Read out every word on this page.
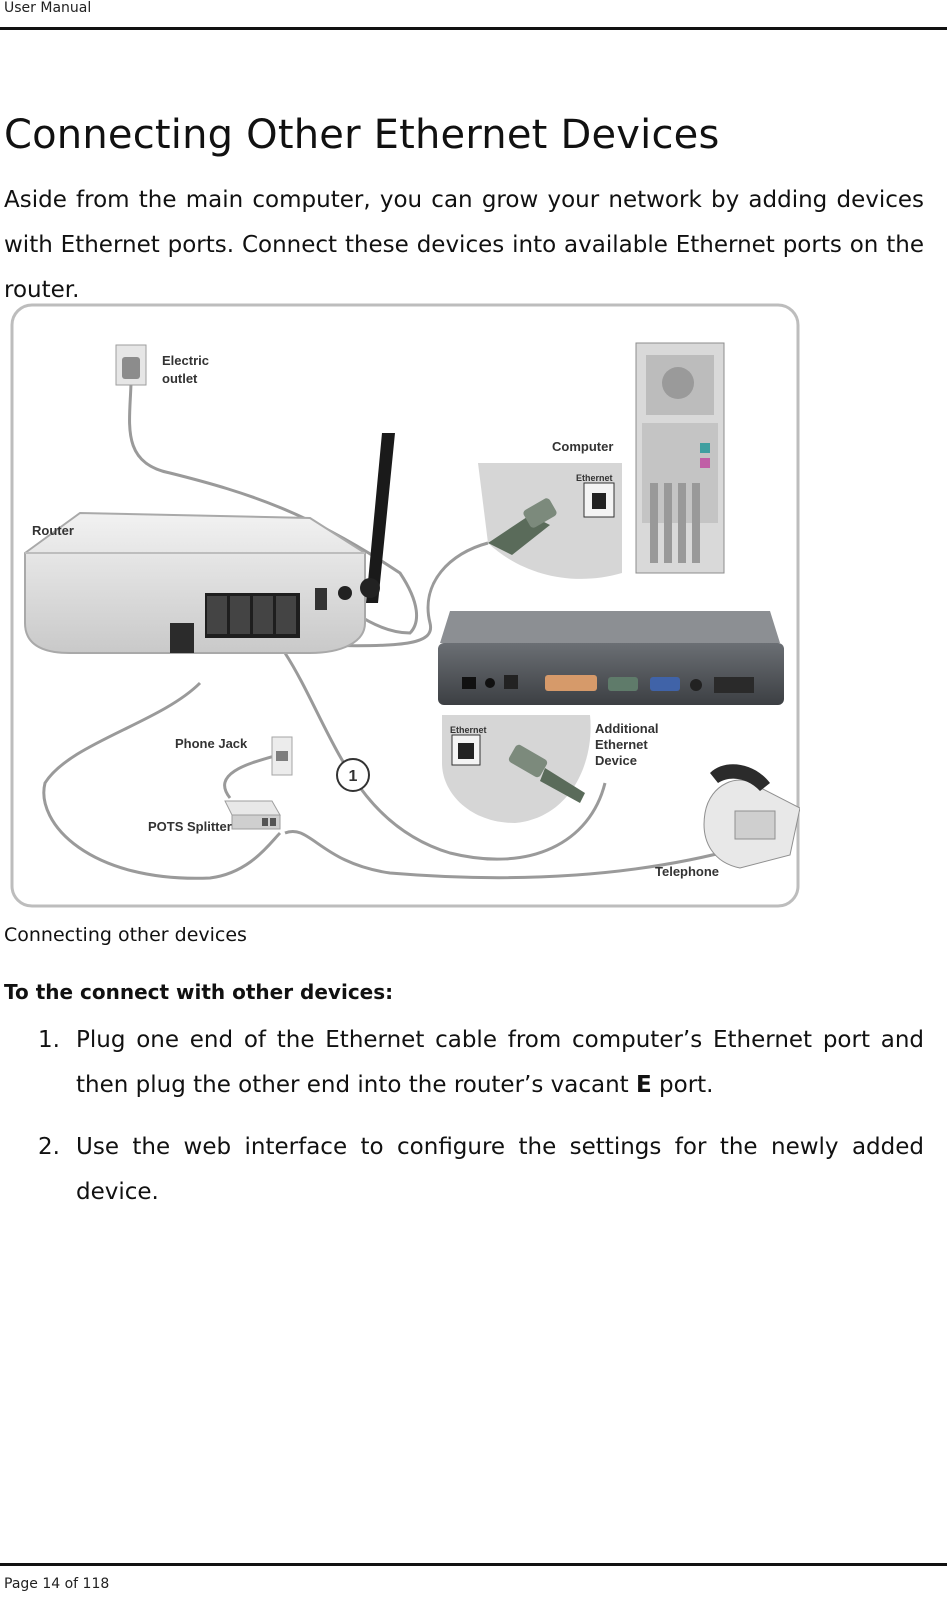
User Manual
Connecting Other Ethernet Devices

Aside from the main computer, you can grow your network by adding devices with Ethernet ports. Connect these devices into available Ethernet ports on the router.

Electric
outlet
Router
Computer
Ethernet
Ethernet	Additional
Ethernet
Device
Phone Jack
POTS Splitter
1
Telephone
Connecting other devices
To the connect with other devices:
1. Plug one end of the Ethernet cable from computer’s Ethernet port and then plug the other end into the router’s vacant E port.
2. Use the web interface to configure the settings for the newly added device.
Page 14 of 118
